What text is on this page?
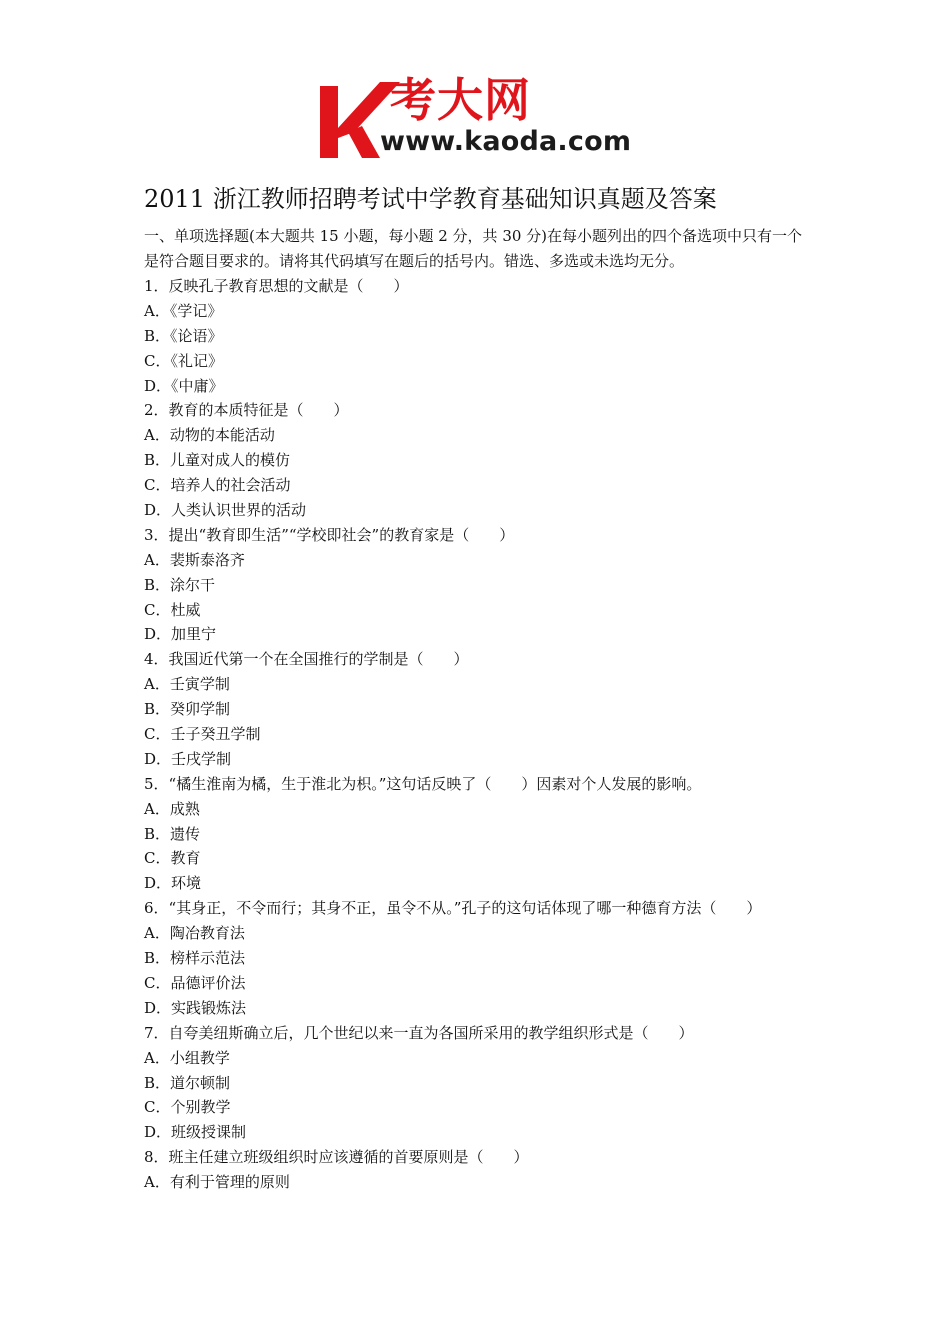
考大网
www.kaoda.com
2011 浙江教师招聘考试中学教育基础知识真题及答案
一、单项选择题(本大题共 15 小题，每小题 2 分，共 30 分)在每小题列出的四个备选项中只有一个是符合题目要求的。请将其代码填写在题后的括号内。错选、多选或未选均无分。
1．反映孔子教育思想的文献是（　　）
A．《学记》
B．《论语》
C．《礼记》
D．《中庸》
2．教育的本质特征是（　　）
A．动物的本能活动
B．儿童对成人的模仿
C．培养人的社会活动
D．人类认识世界的活动
3．提出“教育即生活”“学校即社会”的教育家是（　　）
A．裴斯泰洛齐
B．涂尔干
C．杜威
D．加里宁
4．我国近代第一个在全国推行的学制是（　　）
A．壬寅学制
B．癸卯学制
C．壬子癸丑学制
D．壬戌学制
5．“橘生淮南为橘，生于淮北为枳。”这句话反映了（　　）因素对个人发展的影响。
A．成熟
B．遗传
C．教育
D．环境
6．“其身正，不令而行；其身不正，虽令不从。”孔子的这句话体现了哪一种德育方法（　　）
A．陶冶教育法
B．榜样示范法
C．品德评价法
D．实践锻炼法
7．自夸美纽斯确立后，几个世纪以来一直为各国所采用的教学组织形式是（　　）
A．小组教学
B．道尔顿制
C．个别教学
D．班级授课制
8．班主任建立班级组织时应该遵循的首要原则是（　　）
A．有利于管理的原则
